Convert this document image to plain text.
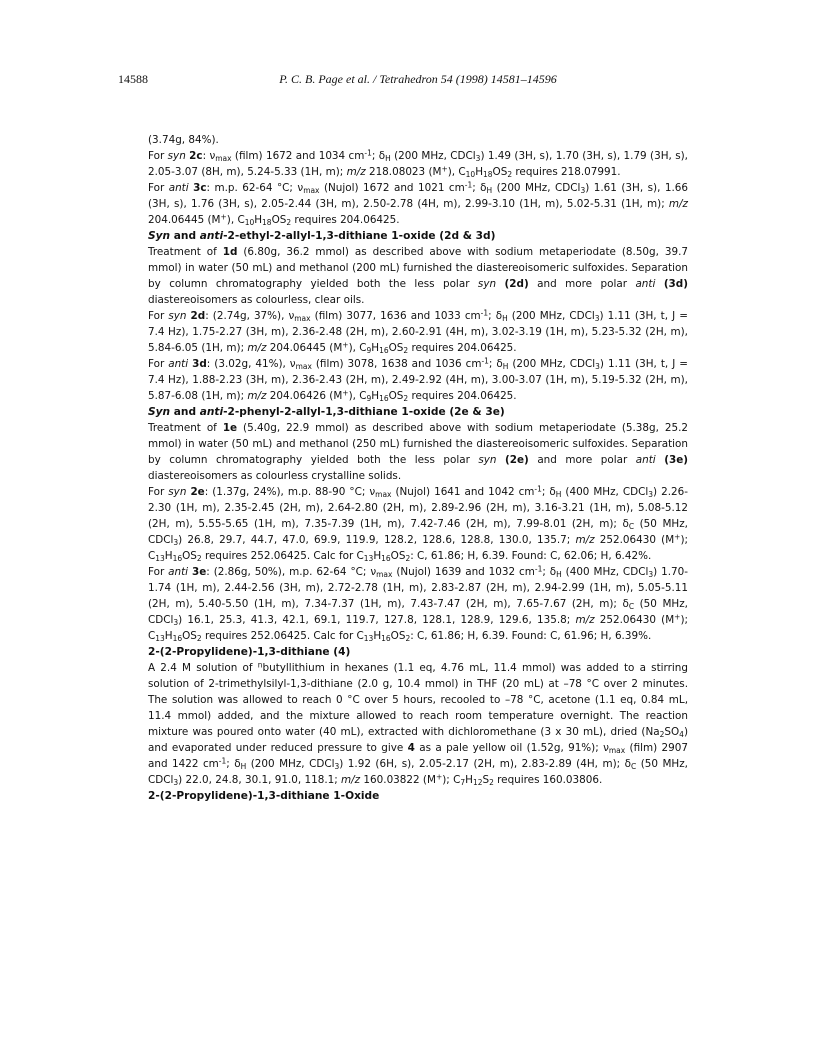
14588	P. C. B. Page et al. / Tetrahedron 54 (1998) 14581–14596

(3.74g, 84%).

For syn 2c: $\nu_{max}$ (film) 1672 and 1034 $cm^{-1}$; $\delta_H$ (200 MHz, CDCl$_3$) 1.49 (3H, s), 1.70 (3H, s), 1.79 (3H, s), 2.05-3.07 (8H, m), 5.24-5.33 (1H, m); m/z 218.08023 (M+), $C_{10}H_{18}OS_2$ requires 218.07991.

For anti 3c: m.p. 62-64 °C; $\nu_{max}$ (Nujol) 1672 and 1021 $cm^{-1}$; $\delta_H$ (200 MHz, CDCl$_3$) 1.61 (3H, s), 1.66 (3H, s), 1.76 (3H, s), 2.05-2.44 (3H, m), 2.50-2.78 (4H, m), 2.99-3.10 (1H, m), 5.02-5.31 (1H, m); m/z 204.06445 (M+), $C_{10}H_{18}OS_2$ requires 204.06425.

Syn and anti-2-ethyl-2-allyl-1,3-dithiane 1-oxide (2d & 3d)

Treatment of 1d (6.80g, 36.2 mmol) as described above with sodium metaperiodate (8.50g, 39.7 mmol) in water (50 mL) and methanol (200 mL) furnished the diastereoisomeric sulfoxides. Separation by column chromatography yielded both the less polar syn (2d) and more polar anti (3d) diastereoisomers as colourless, clear oils.

For syn 2d: (2.74g, 37%), $\nu_{max}$ (film) 3077, 1636 and 1033 $cm^{-1}$; $\delta_H$ (200 MHz, CDCl$_3$) 1.11 (3H, t, J = 7.4 Hz), 1.75-2.27 (3H, m), 2.36-2.48 (2H, m), 2.60-2.91 (4H, m), 3.02-3.19 (1H, m), 5.23-5.32 (2H, m), 5.84-6.05 (1H, m); m/z 204.06445 (M+), $C_9H_{16}OS_2$ requires 204.06425.

For anti 3d: (3.02g, 41%), $\nu_{max}$ (film) 3078, 1638 and 1036 $cm^{-1}$; $\delta_H$ (200 MHz, CDCl$_3$) 1.11 (3H, t, J = 7.4 Hz), 1.88-2.23 (3H, m), 2.36-2.43 (2H, m), 2.49-2.92 (4H, m), 3.00-3.07 (1H, m), 5.19-5.32 (2H, m), 5.87-6.08 (1H, m); m/z 204.06426 (M+), $C_9H_{16}OS_2$ requires 204.06425.

Syn and anti-2-phenyl-2-allyl-1,3-dithiane 1-oxide (2e & 3e)

Treatment of 1e (5.40g, 22.9 mmol) as described above with sodium metaperiodate (5.38g, 25.2 mmol) in water (50 mL) and methanol (250 mL) furnished the diastereoisomeric sulfoxides. Separation by column chromatography yielded both the less polar syn (2e) and more polar anti (3e) diastereoisomers as colourless crystalline solids.

For syn 2e: (1.37g, 24%), m.p. 88-90 °C; $\nu_{max}$ (Nujol) 1641 and 1042 $cm^{-1}$; $\delta_H$ (400 MHz, CDCl$_3$) 2.26-2.30 (1H, m), 2.35-2.45 (2H, m), 2.64-2.80 (2H, m), 2.89-2.96 (2H, m), 3.16-3.21 (1H, m), 5.08-5.12 (2H, m), 5.55-5.65 (1H, m), 7.35-7.39 (1H, m), 7.42-7.46 (2H, m), 7.99-8.01 (2H, m); $\delta_C$ (50 MHz, CDCl$_3$) 26.8, 29.7, 44.7, 47.0, 69.9, 119.9, 128.2, 128.6, 128.8, 130.0, 135.7; m/z 252.06430 (M+); $C_{13}H_{16}OS_2$ requires 252.06425. Calc for $C_{13}H_{16}OS_2$: C, 61.86; H, 6.39. Found: C, 62.06; H, 6.42%.

For anti 3e: (2.86g, 50%), m.p. 62-64 °C; $\nu_{max}$ (Nujol) 1639 and 1032 $cm^{-1}$; $\delta_H$ (400 MHz, CDCl$_3$) 1.70-1.74 (1H, m), 2.44-2.56 (3H, m), 2.72-2.78 (1H, m), 2.83-2.87 (2H, m), 2.94-2.99 (1H, m), 5.05-5.11 (2H, m), 5.40-5.50 (1H, m), 7.34-7.37 (1H, m), 7.43-7.47 (2H, m), 7.65-7.67 (2H, m); $\delta_C$ (50 MHz, CDCl$_3$) 16.1, 25.3, 41.3, 42.1, 69.1, 119.7, 127.8, 128.1, 128.9, 129.6, 135.8; m/z 252.06430 (M+); $C_{13}H_{16}OS_2$ requires 252.06425. Calc for $C_{13}H_{16}OS_2$: C, 61.86; H, 6.39. Found: C, 61.96; H, 6.39%.

2-(2-Propylidene)-1,3-dithiane (4)

A 2.4 M solution of $^n$butyllithium in hexanes (1.1 eq, 4.76 mL, 11.4 mmol) was added to a stirring solution of 2-trimethylsilyl-1,3-dithiane (2.0 g, 10.4 mmol) in THF (20 mL) at –78 °C over 2 minutes. The solution was allowed to reach 0 °C over 5 hours, recooled to –78 °C, acetone (1.1 eq, 0.84 mL, 11.4 mmol) added, and the mixture allowed to reach room temperature overnight. The reaction mixture was poured onto water (40 mL), extracted with dichloromethane (3 x 30 mL), dried $(Na_2SO_4)$ and evaporated under reduced pressure to give 4 as a pale yellow oil (1.52g, 91%); $\nu_{max}$ (film) 2907 and 1422 $cm^{-1}$; $\delta_H$ (200 MHz, CDCl$_3$) 1.92 (6H, s), 2.05-2.17 (2H, m), 2.83-2.89 (4H, m); $\delta_C$ (50 MHz, CDCl$_3$) 22.0, 24.8, 30.1, 91.0, 118.1; m/z 160.03822 (M+); $C_7H_{12}S_2$ requires 160.03806.

2-(2-Propylidene)-1,3-dithiane 1-Oxide
